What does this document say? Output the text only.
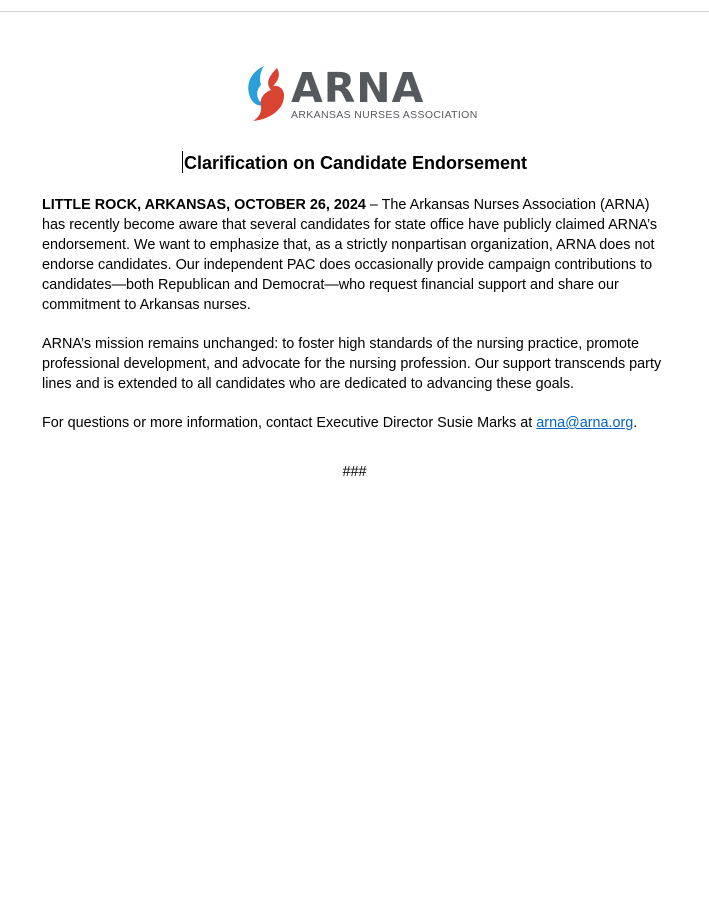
ARNA
ARKANSAS NURSES ASSOCIATION
Clarification on Candidate Endorsement
LITTLE ROCK, ARKANSAS, OCTOBER 26, 2024 – The Arkansas Nurses Association (ARNA) has recently become aware that several candidates for state office have publicly claimed ARNA’s endorsement. We want to emphasize that, as a strictly nonpartisan organization, ARNA does not endorse candidates. Our independent PAC does occasionally provide campaign contributions to candidates—both Republican and Democrat—who request financial support and share our commitment to Arkansas nurses.
ARNA’s mission remains unchanged: to foster high standards of the nursing practice, promote professional development, and advocate for the nursing profession. Our support transcends party lines and is extended to all candidates who are dedicated to advancing these goals.
For questions or more information, contact Executive Director Susie Marks at arna@arna.org.
###
